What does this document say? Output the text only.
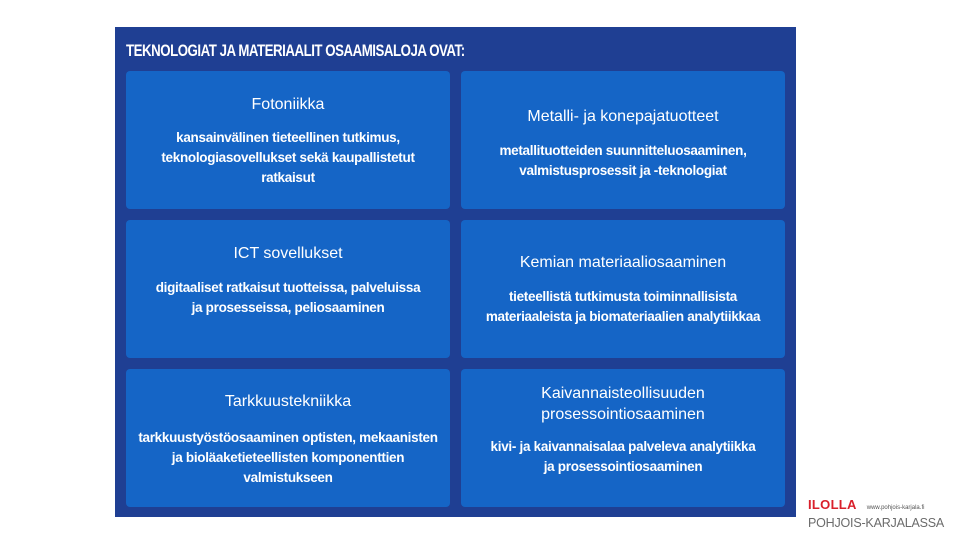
TEKNOLOGIAT JA MATERIAALIT OSAAMISALOJA OVAT:

Fotoniikka

kansainvälinen tieteellinen tutkimus,
teknologiasovellukset sekä kaupallistetut
ratkaisut

Metalli- ja konepajatuotteet

metallituotteiden suunnitteluosaaminen,
valmistusprosessit ja -teknologiat

ICT sovellukset

digitaaliset ratkaisut tuotteissa, palveluissa
ja prosesseissa, peliosaaminen

Kemian materiaaliosaaminen

tieteellistä tutkimusta toiminnallisista
materiaaleista ja biomateriaalien analytiikkaa

Tarkkuustekniikka

tarkkuustyöstöosaaminen optisten, mekaanisten
ja bioläaketieteellisten komponenttien
valmistukseen

Kaivannaisteollisuuden
prosessointiosaaminen

kivi- ja kaivannaisalaa palveleva analytiikka
ja prosessointiosaaminen

ILOLLA www.pohjois-karjala.fi
POHJOIS-KARJALASSA
